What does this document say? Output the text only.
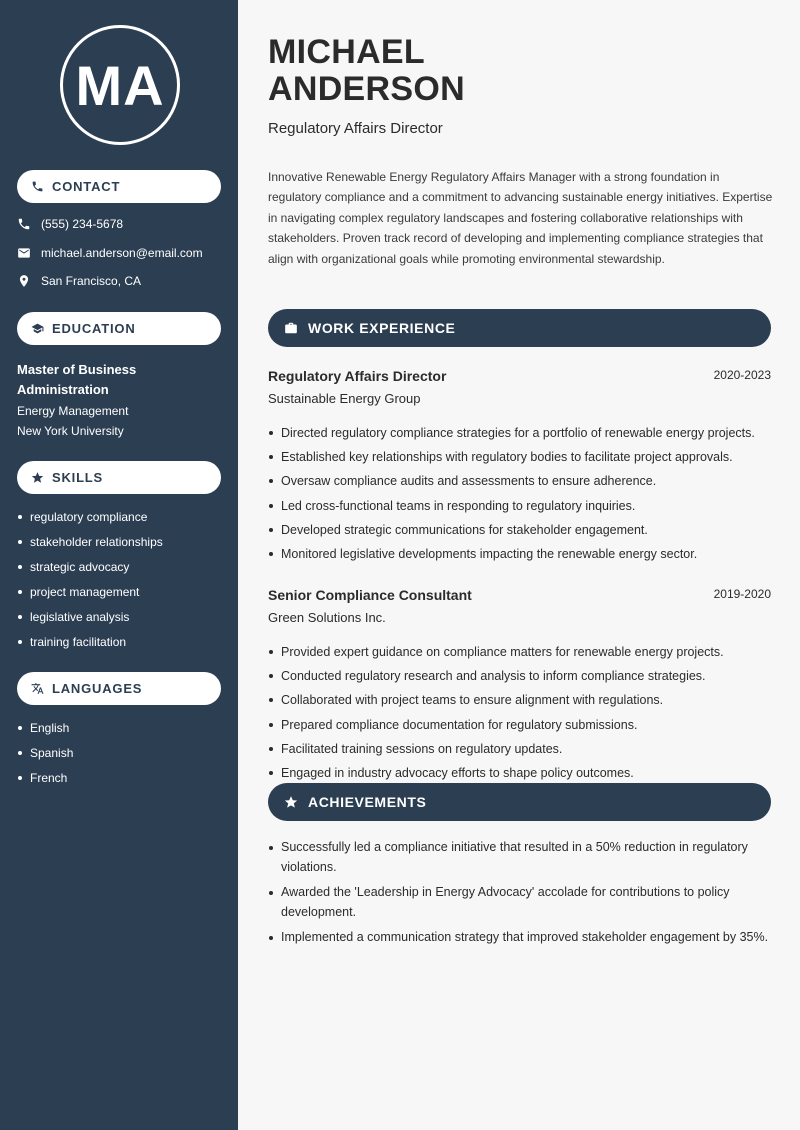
MA
CONTACT
(555) 234-5678
michael.anderson@email.com
San Francisco, CA
EDUCATION
Master of Business Administration
Energy Management
New York University
SKILLS
regulatory compliance
stakeholder relationships
strategic advocacy
project management
legislative analysis
training facilitation
LANGUAGES
English
Spanish
French
MICHAEL
ANDERSON
Regulatory Affairs Director

Innovative Renewable Energy Regulatory Affairs Manager with a strong foundation in regulatory compliance and a commitment to advancing sustainable energy initiatives. Expertise in navigating complex regulatory landscapes and fostering collaborative relationships with stakeholders. Proven track record of developing and implementing compliance strategies that align with organizational goals while promoting environmental stewardship.

WORK EXPERIENCE
Regulatory Affairs Director	2020-2023
Sustainable Energy Group
Directed regulatory compliance strategies for a portfolio of renewable energy projects.
Established key relationships with regulatory bodies to facilitate project approvals.
Oversaw compliance audits and assessments to ensure adherence.
Led cross-functional teams in responding to regulatory inquiries.
Developed strategic communications for stakeholder engagement.
Monitored legislative developments impacting the renewable energy sector.
Senior Compliance Consultant	2019-2020
Green Solutions Inc.
Provided expert guidance on compliance matters for renewable energy projects.
Conducted regulatory research and analysis to inform compliance strategies.
Collaborated with project teams to ensure alignment with regulations.
Prepared compliance documentation for regulatory submissions.
Facilitated training sessions on regulatory updates.
Engaged in industry advocacy efforts to shape policy outcomes.
ACHIEVEMENTS
Successfully led a compliance initiative that resulted in a 50% reduction in regulatory violations.
Awarded the 'Leadership in Energy Advocacy' accolade for contributions to policy development.
Implemented a communication strategy that improved stakeholder engagement by 35%.
